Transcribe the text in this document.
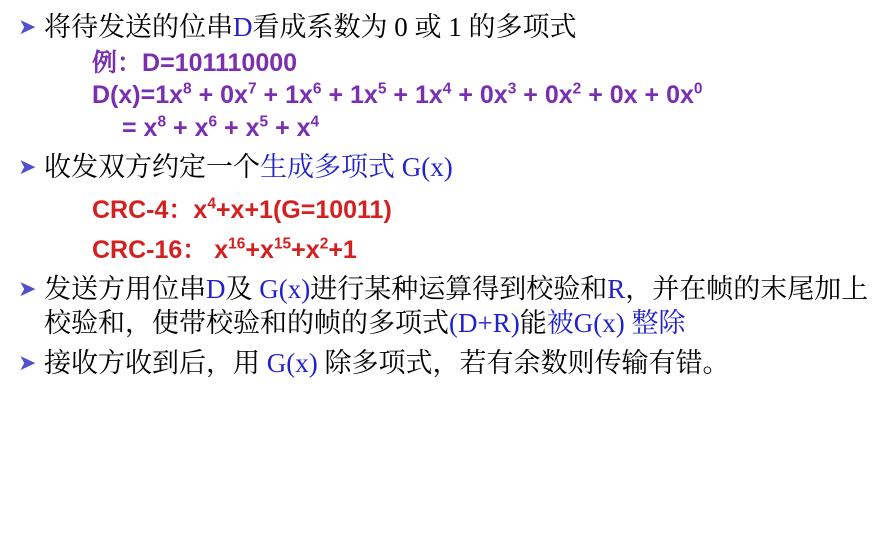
➤ 将待发送的位串D看成系数为 0 或 1 的多项式
例：D=101110000
$D(x)=1x^8 + 0x^7 + 1x^6 + 1x^5 + 1x^4 + 0x^3 + 0x^2 + 0x + 0x^0$
= $x^8 + x^6 + x^5 + x^4$
➤ 收发双方约定一个生成多项式 G(x)
CRC-4：$x^4+x+1(G=10011)$
CRC-16： $x^{16}+x^{15}+x^2+1$
➤ 发送方用位串D及 G(x)进行某种运算得到校验和R，并在帧的末尾加上校验和，使带校验和的帧的多项式(D+R)能被G(x) 整除
➤ 接收方收到后，用 G(x) 除多项式，若有余数则传输有错。
